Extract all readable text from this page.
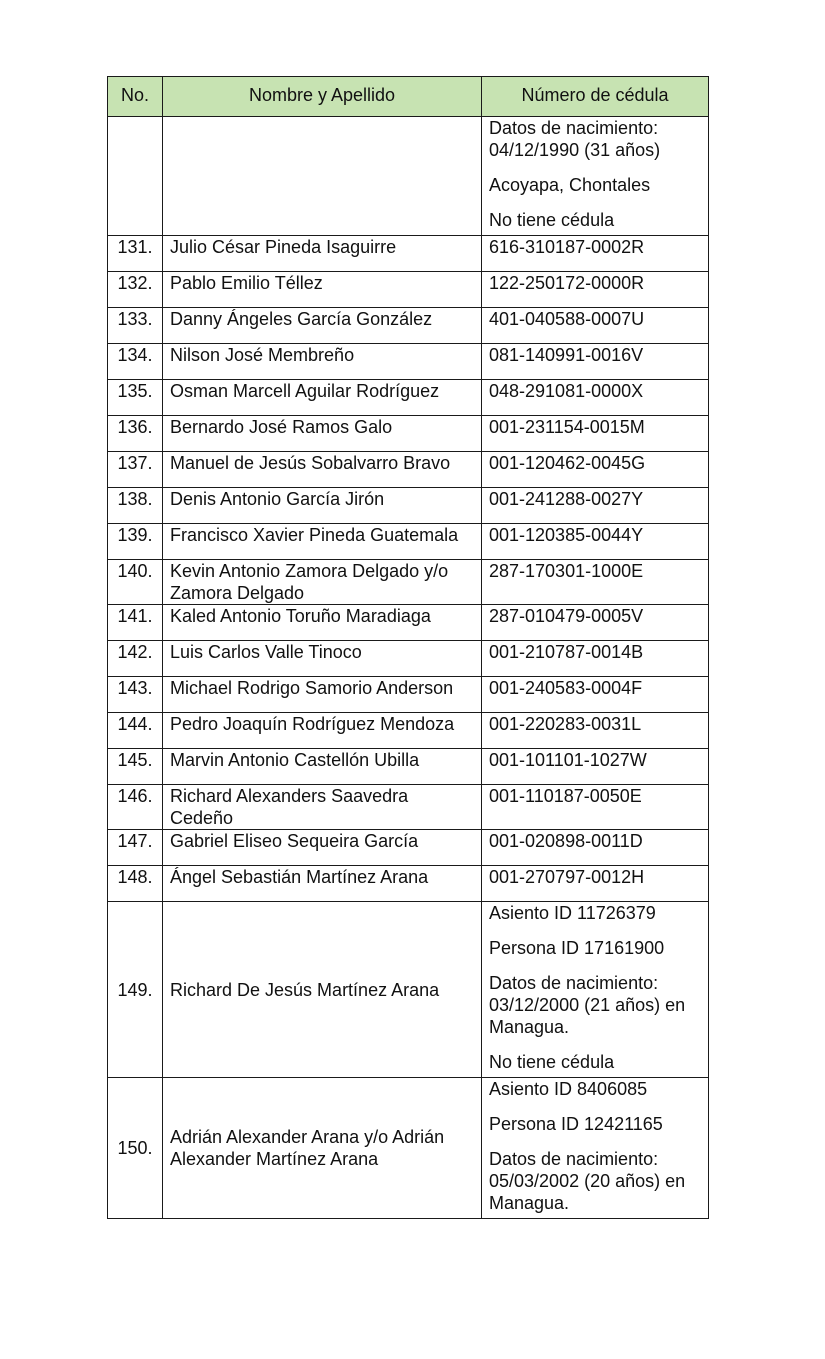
No.	Nombre y Apellido	Número de cédula

		Datos de nacimiento: 04/12/1990 (31 años)
Acoyapa, Chontales
No tiene cédula

131.	Julio César Pineda Isaguirre	616-310187-0002R

132.	Pablo Emilio Téllez	122-250172-0000R

133.	Danny Ángeles García González	401-040588-0007U

134.	Nilson José Membreño	081-140991-0016V

135.	Osman Marcell Aguilar Rodríguez	048-291081-0000X

136.	Bernardo José Ramos Galo	001-231154-0015M

137.	Manuel de Jesús Sobalvarro Bravo	001-120462-0045G

138.	Denis Antonio García Jirón	001-241288-0027Y

139.	Francisco Xavier Pineda Guatemala	001-120385-0044Y

140.	Kevin Antonio Zamora Delgado y/o Zamora Delgado	287-170301-1000E

141.	Kaled Antonio Toruño Maradiaga	287-010479-0005V

142.	Luis Carlos Valle Tinoco	001-210787-0014B

143.	Michael Rodrigo Samorio Anderson	001-240583-0004F

144.	Pedro Joaquín Rodríguez Mendoza	001-220283-0031L

145.	Marvin Antonio Castellón Ubilla	001-101101-1027W

146.	Richard Alexanders Saavedra Cedeño	001-110187-0050E

147.	Gabriel Eliseo Sequeira García	001-020898-0011D

148.	Ángel Sebastián Martínez Arana	001-270797-0012H

149.	Richard De Jesús Martínez Arana	Asiento ID 11726379
Persona ID 17161900
Datos de nacimiento: 03/12/2000 (21 años) en Managua.
No tiene cédula

150.	Adrián Alexander Arana y/o Adrián Alexander Martínez Arana	Asiento ID 8406085
Persona ID 12421165
Datos de nacimiento: 05/03/2002 (20 años) en Managua.
